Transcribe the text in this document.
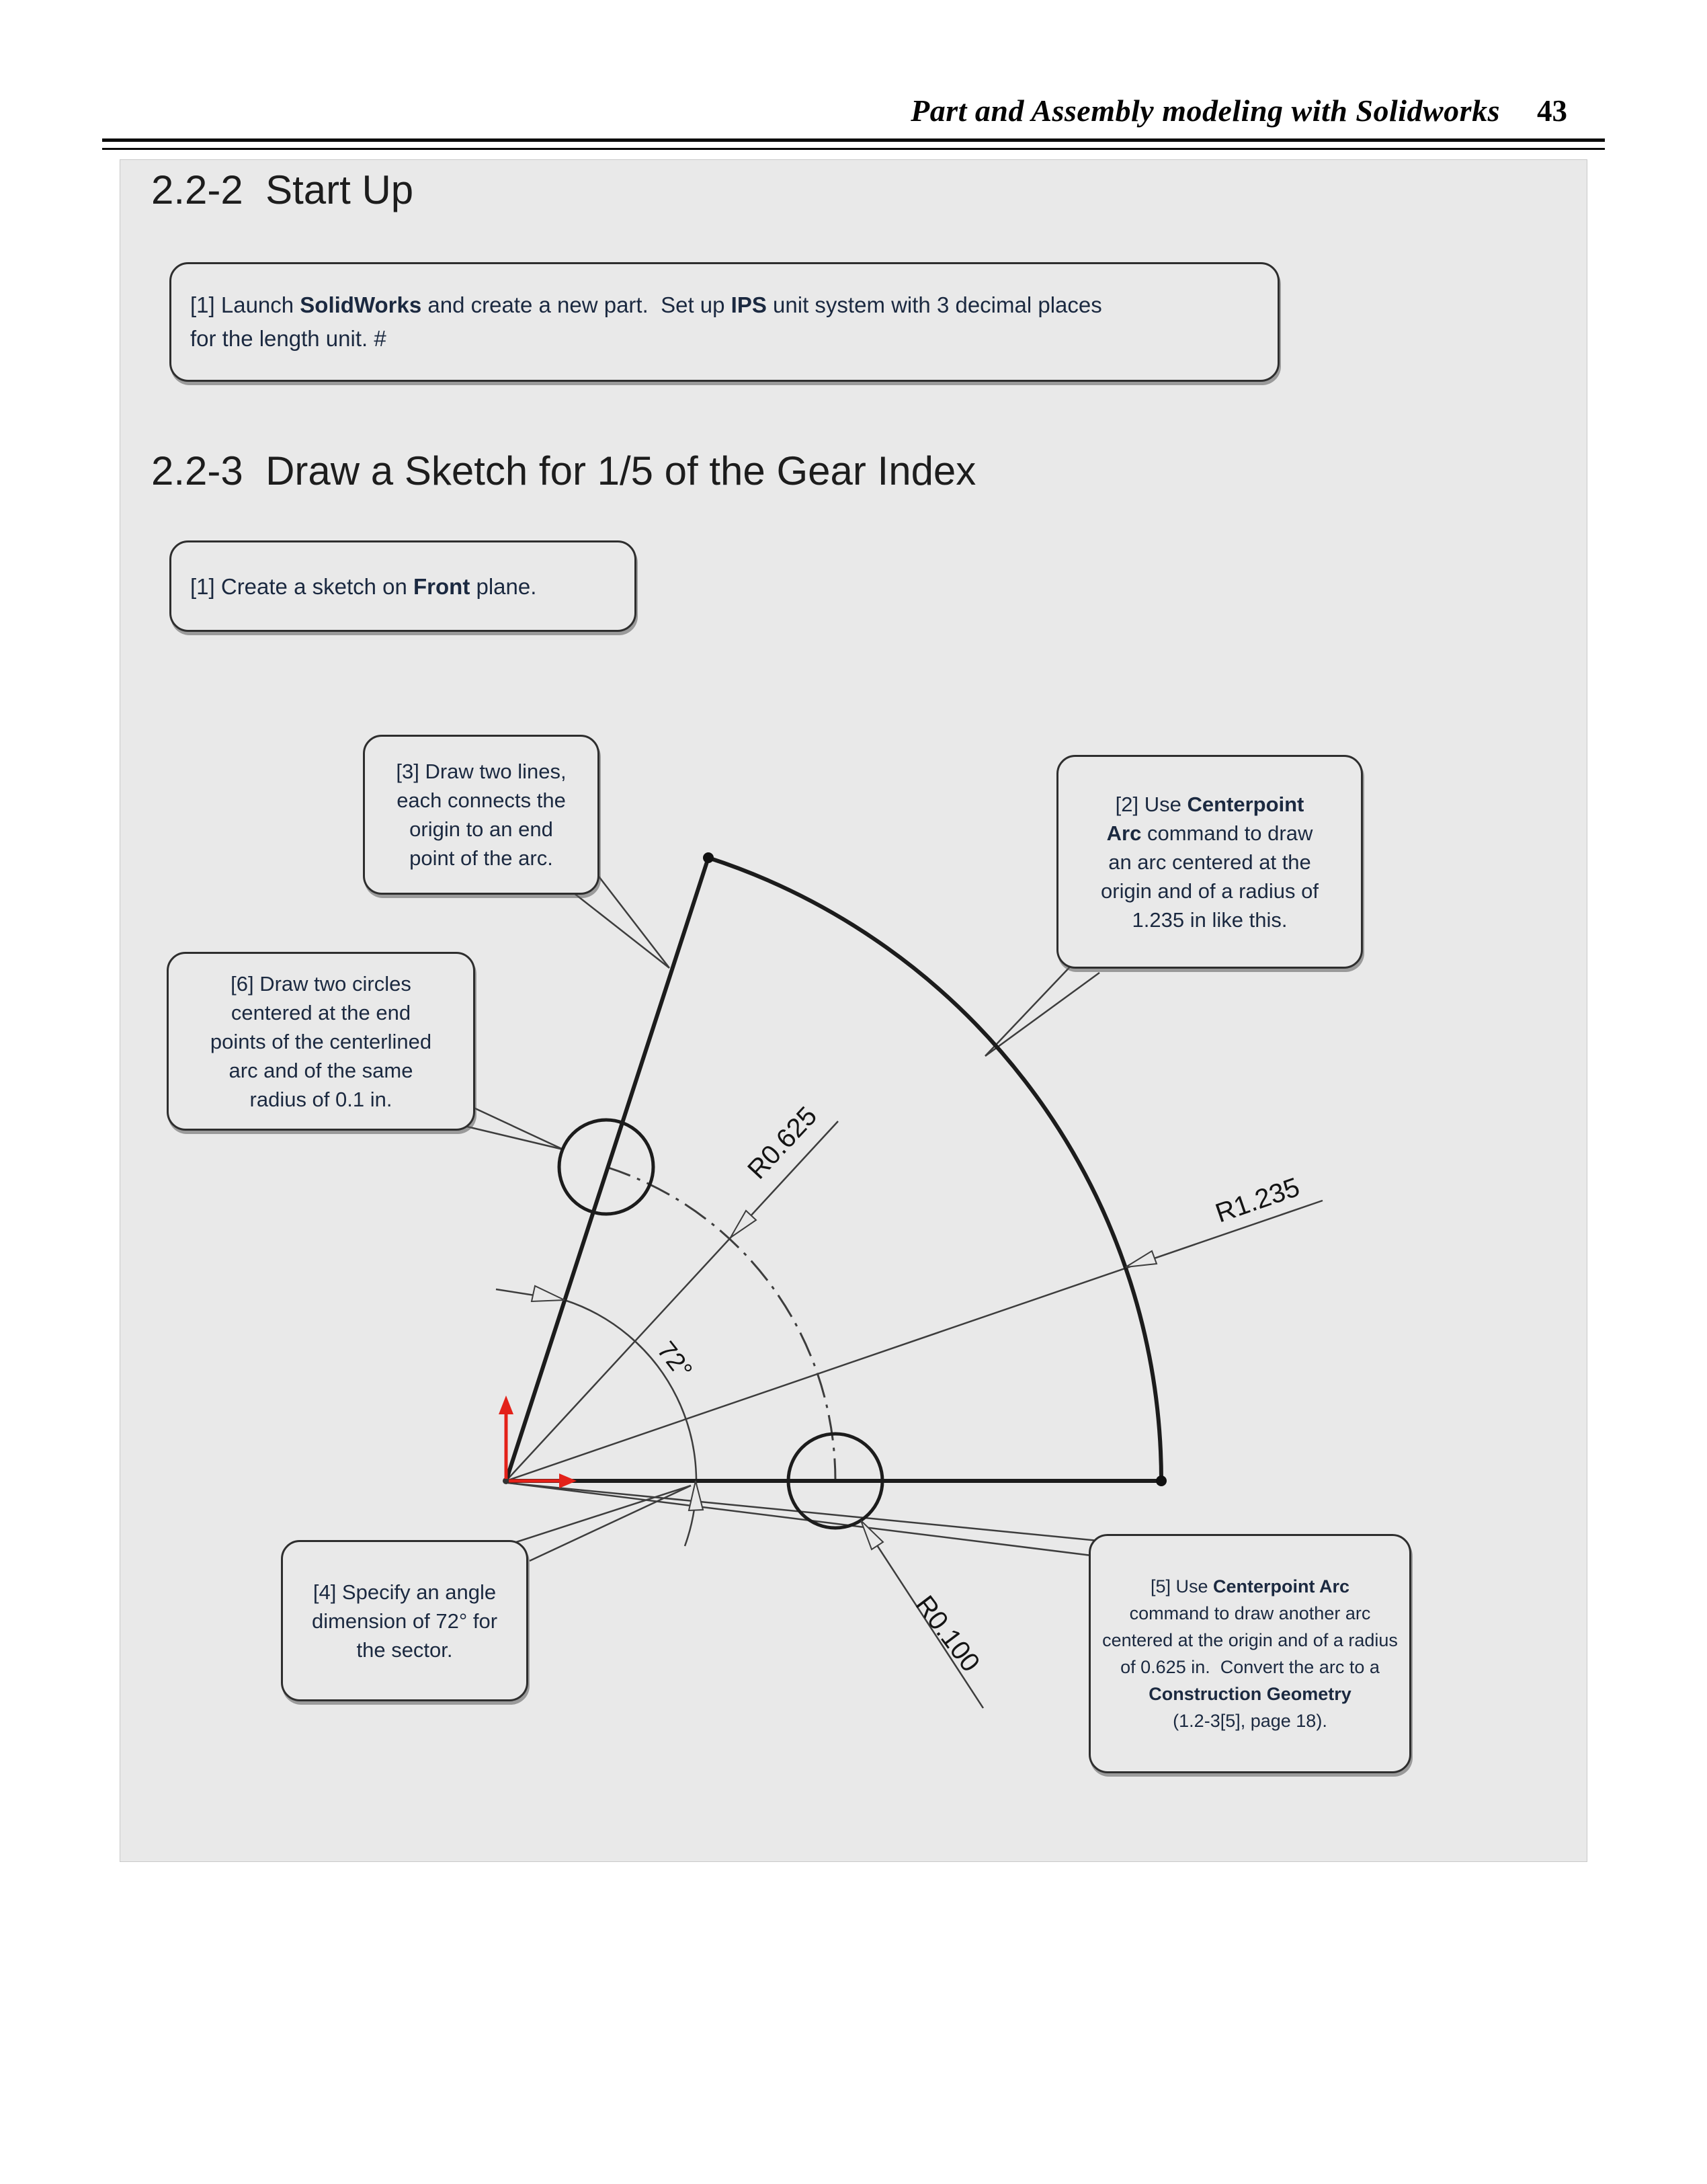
Part and Assembly modeling with Solidworks 43
2.2-2  Start Up
2.2-3  Draw a Sketch for 1/5 of the Gear Index
R0.625
R1.235
72°
R0.100
[1] Launch SolidWorks and create a new part.  Set up IPS unit system with 3 decimal places
for the length unit. #
[1] Create a sketch on Front plane.
[3] Draw two lines,
each connects the
origin to an end
point of the arc.
[2] Use Centerpoint
Arc command to draw
an arc centered at the
origin and of a radius of
1.235 in like this.
[6] Draw two circles
centered at the end
points of the centerlined
arc and of the same
radius of 0.1 in.
[4] Specify an angle
dimension of 72° for
the sector.
[5] Use Centerpoint Arc
command to draw another arc
centered at the origin and of a radius
of 0.625 in.  Convert the arc to a
Construction Geometry
(1.2-3[5], page 18).
